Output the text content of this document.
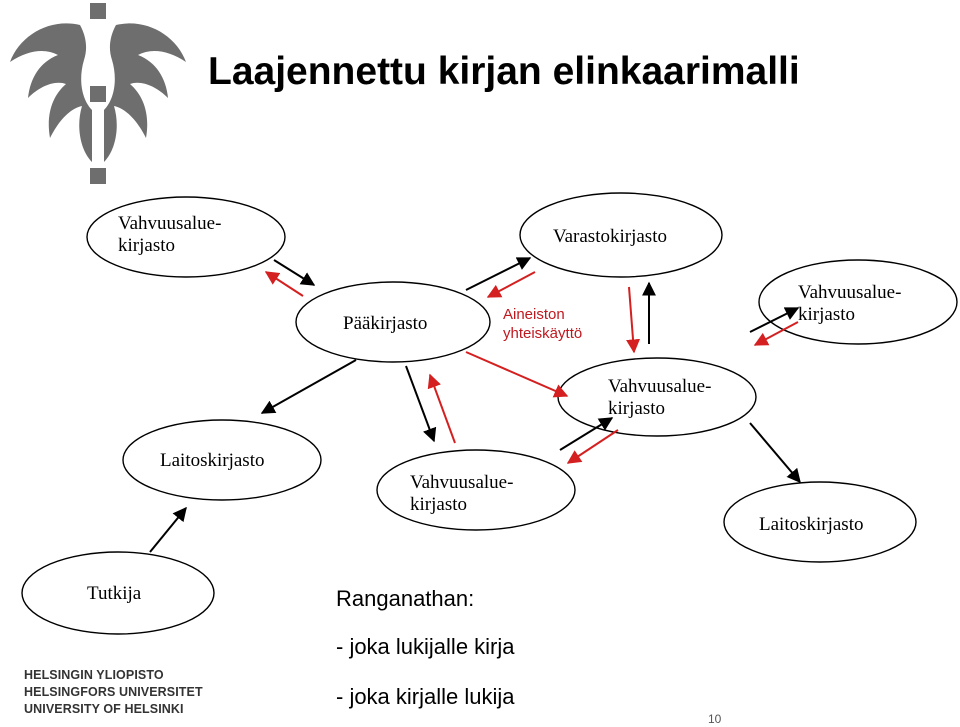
Laajennettu kirjan elinkaarimalli
Vahvuusalue-
kirjasto
Pääkirjasto
Varastokirjasto
Vahvuusalue-
kirjasto
Vahvuusalue-
kirjasto
Laitoskirjasto
Vahvuusalue-
kirjasto
Laitoskirjasto
Tutkija
Aineiston
yhteiskäyttö
Ranganathan:
- joka lukijalle kirja
- joka kirjalle lukija
HELSINGIN YLIOPISTO
HELSINGFORS UNIVERSITET
UNIVERSITY OF HELSINKI
10
